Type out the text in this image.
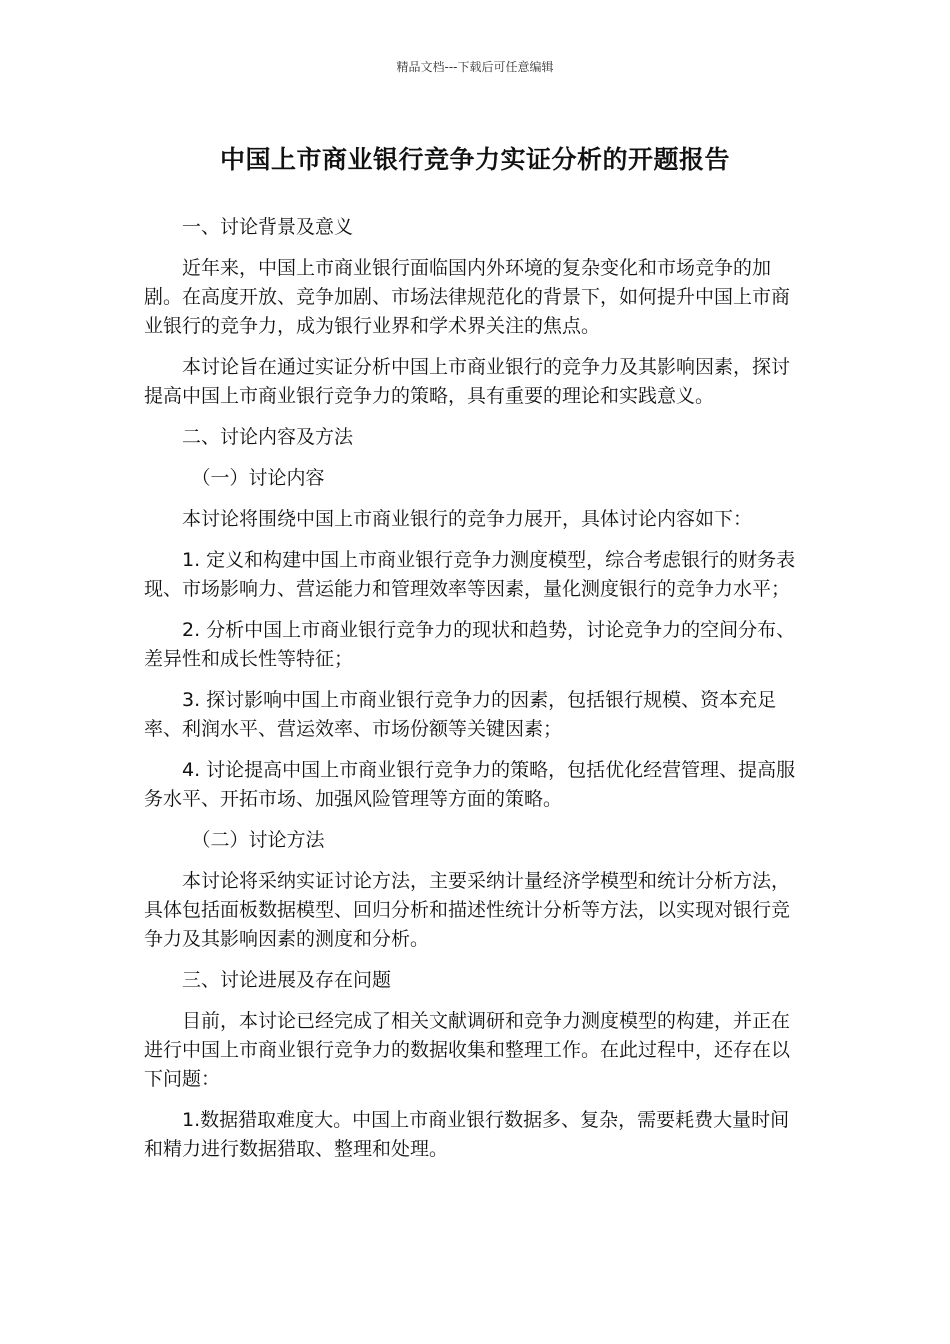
精品文档---下载后可任意编辑
中国上市商业银行竞争力实证分析的开题报告

一、讨论背景及意义

近年来，中国上市商业银行面临国内外环境的复杂变化和市场竞争的加剧。在高度开放、竞争加剧、市场法律规范化的背景下，如何提升中国上市商业银行的竞争力，成为银行业界和学术界关注的焦点。

本讨论旨在通过实证分析中国上市商业银行的竞争力及其影响因素，探讨提高中国上市商业银行竞争力的策略，具有重要的理论和实践意义。

二、讨论内容及方法

（一）讨论内容

本讨论将围绕中国上市商业银行的竞争力展开，具体讨论内容如下：

1. 定义和构建中国上市商业银行竞争力测度模型，综合考虑银行的财务表现、市场影响力、营运能力和管理效率等因素，量化测度银行的竞争力水平；

2. 分析中国上市商业银行竞争力的现状和趋势，讨论竞争力的空间分布、差异性和成长性等特征；

3. 探讨影响中国上市商业银行竞争力的因素，包括银行规模、资本充足率、利润水平、营运效率、市场份额等关键因素；

4. 讨论提高中国上市商业银行竞争力的策略，包括优化经营管理、提高服务水平、开拓市场、加强风险管理等方面的策略。

（二）讨论方法

本讨论将采纳实证讨论方法，主要采纳计量经济学模型和统计分析方法，具体包括面板数据模型、回归分析和描述性统计分析等方法，以实现对银行竞争力及其影响因素的测度和分析。

三、讨论进展及存在问题

目前，本讨论已经完成了相关文献调研和竞争力测度模型的构建，并正在进行中国上市商业银行竞争力的数据收集和整理工作。在此过程中，还存在以下问题：

1.数据猎取难度大。中国上市商业银行数据多、复杂，需要耗费大量时间和精力进行数据猎取、整理和处理。
